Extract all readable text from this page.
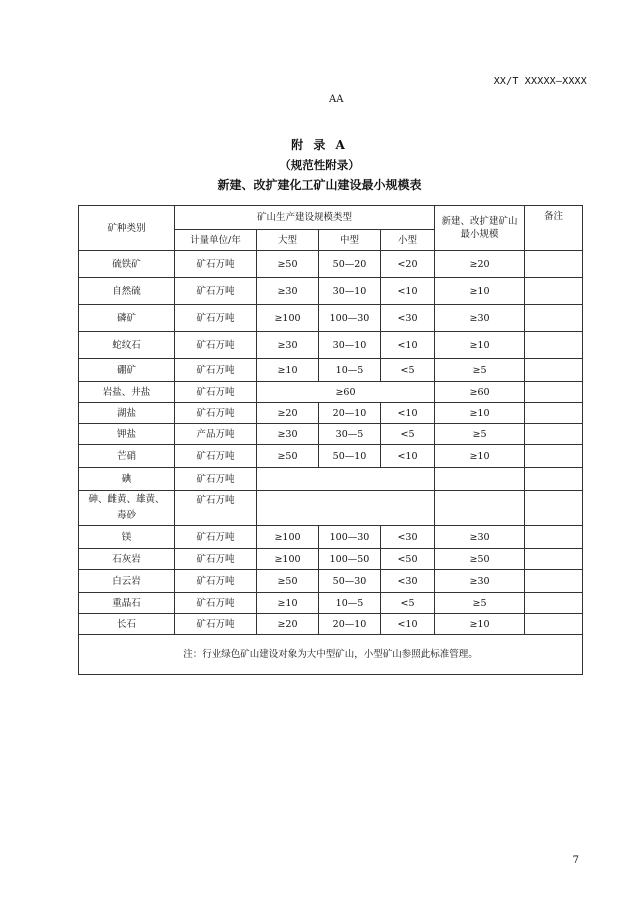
XX/T XXXXX—XXXX
AA
附 录 A
（规范性附录）
新建、改扩建化工矿山建设最小规模表
矿种类别	矿山生产建设规模类型				新建、改扩建矿山最小规模	备注
	计量单位/年	大型	中型	小型		
硫铁矿	矿石万吨	≥50	50—20	<20	≥20	
自然硫	矿石万吨	≥30	30—10	<10	≥10	
磷矿	矿石万吨	≥100	100—30	<30	≥30	
蛇纹石	矿石万吨	≥30	30—10	<10	≥10	
硼矿	矿石万吨	≥10	10—5	<5	≥5	
岩盐、井盐	矿石万吨	≥60			≥60	
湖盐	矿石万吨	≥20	20—10	<10	≥10	
钾盐	产品万吨	≥30	30—5	<5	≥5	
芒硝	矿石万吨	≥50	50—10	<10	≥10	
碘	矿石万吨					
砷、雌黄、雄黄、毒砂	矿石万吨					
镁	矿石万吨	≥100	100—30	<30	≥30	
石灰岩	矿石万吨	≥100	100—50	<50	≥50	
白云岩	矿石万吨	≥50	50—30	<30	≥30	
重晶石	矿石万吨	≥10	10—5	<5	≥5	
长石	矿石万吨	≥20	20—10	<10	≥10	
注：行业绿色矿山建设对象为大中型矿山，小型矿山参照此标准管理。						
7
